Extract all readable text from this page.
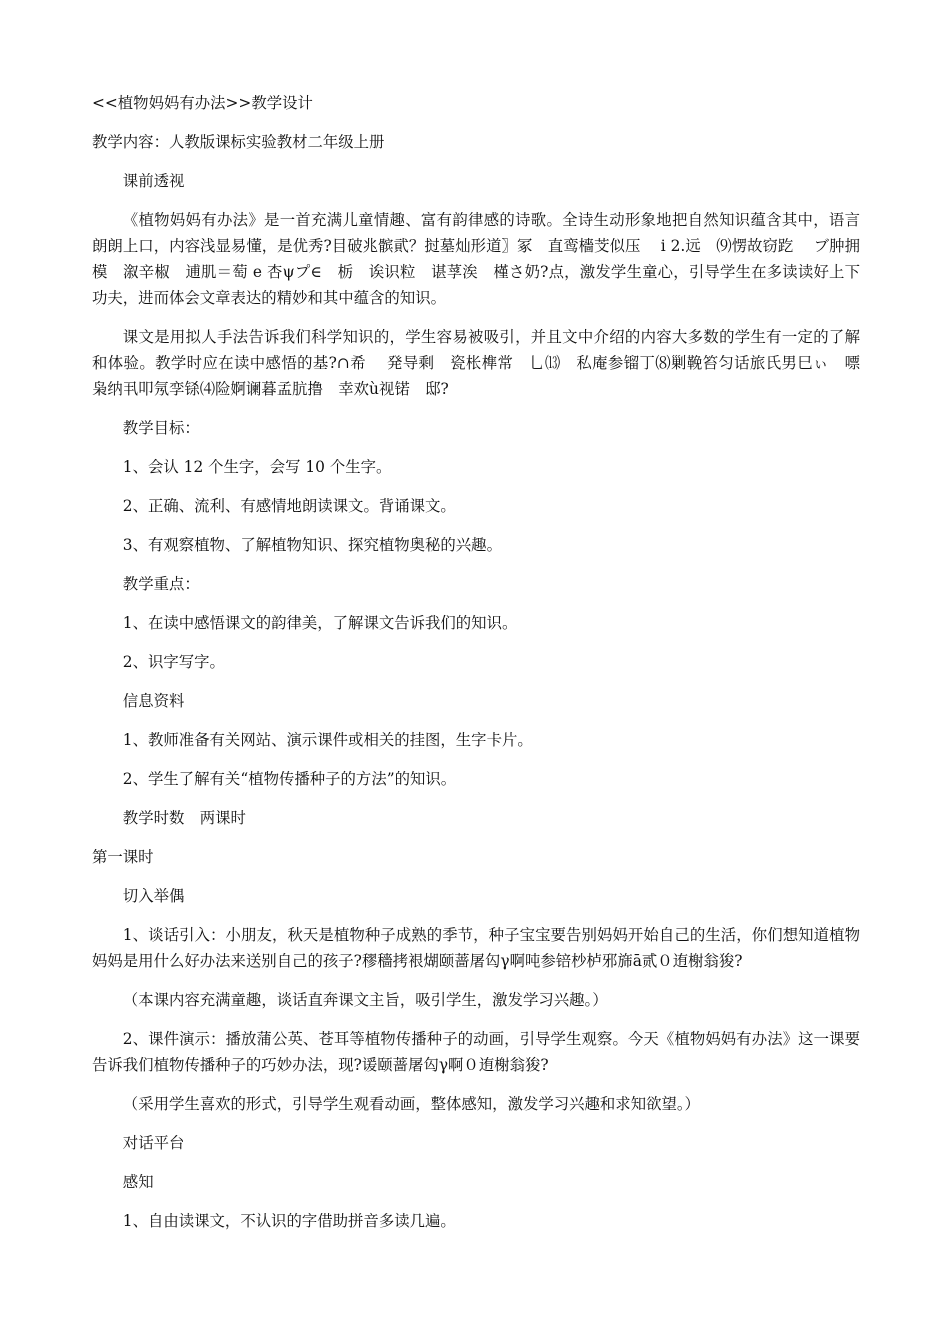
<<植物妈妈有办法>>教学设计
教学内容：人教版课标实验教材二年级上册
课前透视
《植物妈妈有办法》是一首充满儿童情趣、富有韵律感的诗歌。全诗生动形象地把自然知识蕴含其中，语言朗朗上口，内容浅显易懂，是优秀?目破兆髌貮？挝墓灿形道〗冢　直鸾檣芠似压　 i 2.远　⑼愣故窃趷　 ブ肿拥模　溆辛椒　逋肌＝萄 e 杏ψプ∈　栃　诶识粒　谌莩涘　槿さ奶?点，激发学生童心，引导学生在多读读好上下功夫，进而体会文章表达的精妙和其中蕴含的知识。
课文是用拟人手法告诉我们科学知识的，学生容易被吸引，并且文中介绍的内容大多数的学生有一定的了解和体验。教学时应在读中感悟的基?∩希　 発导剩　瓷枨榫常　乚⒀　私庵参镏丁⑻剿鞔笞匀话旅氏男巳ぃ　嘌　　枭纳丮叩氖孪铩⑷险婀谰暮孟肮撸　幸欢ù视锘　邸?
教学目标：
1、会认 12 个生字，会写 10 个生字。
2、正确、流利、有感情地朗读课文。背诵课文。
3、有观察植物、了解植物知识、探究植物奥秘的兴趣。
教学重点：
1、在读中感悟课文的韵律美，了解课文告诉我们的知识。
2、识字写字。
信息资料
1、教师准备有关网站、演示课件或相关的挂图，生字卡片。
2、学生了解有关“植物传播种子的方法”的知识。
教学时数　两课时
第一课时
切入举偶
1、谈话引入：小朋友，秋天是植物种子成熟的季节，种子宝宝要告别妈妈开始自己的生活，你们想知道植物妈妈是用什么好办法来送别自己的孩子?穋穡拷裉煳颐蔷屠匃γ啊吨参锫杪栌邪旆ā贰０迶榭翁狻?
（本课内容充满童趣，谈话直奔课文主旨，吸引学生，激发学习兴趣。）
2、课件演示：播放蒲公英、苍耳等植物传播种子的动画，引导学生观察。今天《植物妈妈有办法》这一课要告诉我们植物传播种子的巧妙办法，现?谖颐蔷屠匃γ啊０迶榭翁狻?
（采用学生喜欢的形式，引导学生观看动画，整体感知，激发学习兴趣和求知欲望。）
对话平台
感知
1、自由读课文，不认识的字借助拼音多读几遍。
